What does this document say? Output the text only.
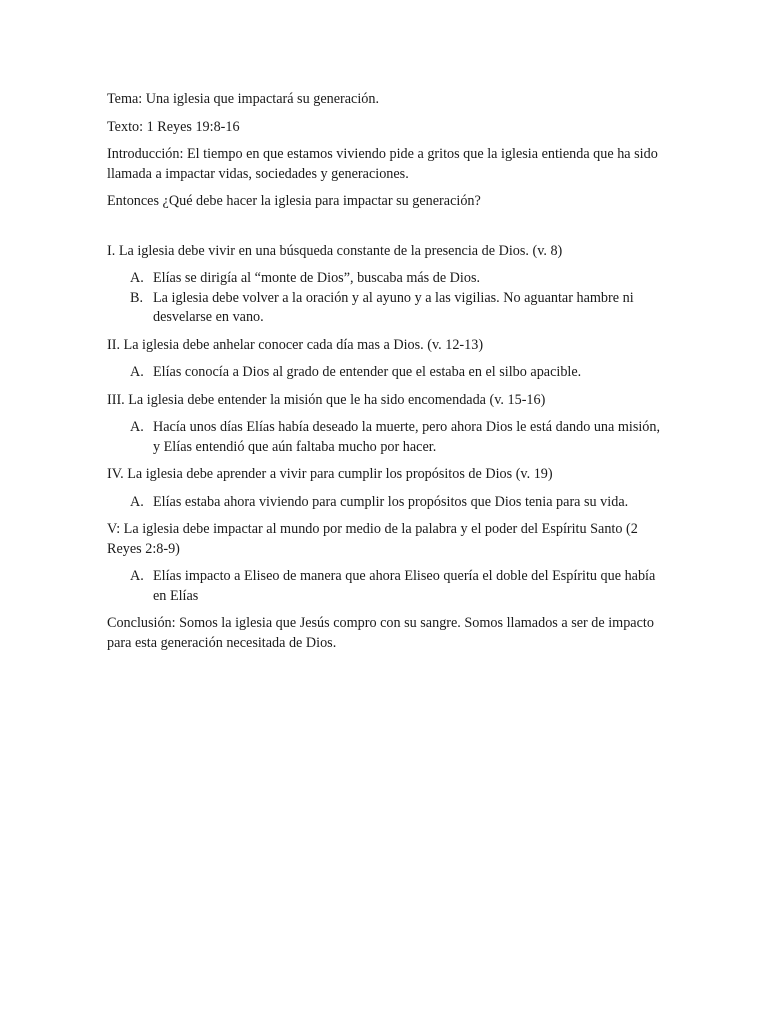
Tema: Una iglesia que impactará su generación.

Texto: 1 Reyes 19:8-16

Introducción: El tiempo en que estamos viviendo pide a gritos que la iglesia entienda que ha sido llamada a impactar vidas, sociedades y generaciones.

Entonces ¿Qué debe hacer la iglesia para impactar su generación?

I. La iglesia debe vivir en una búsqueda constante de la presencia de Dios. (v. 8)

A. Elías se dirigía al “monte de Dios”, buscaba más de Dios.
B. La iglesia debe volver a la oración y al ayuno y a las vigilias. No aguantar hambre ni desvelarse en vano.

II. La iglesia debe anhelar conocer cada día mas a Dios. (v. 12-13)

A. Elías conocía a Dios al grado de entender que el estaba en el silbo apacible.

III. La iglesia debe entender la misión que le ha sido encomendada (v. 15-16)

A. Hacía unos días Elías había deseado la muerte, pero ahora Dios le está dando una misión, y Elías entendió que aún faltaba mucho por hacer.

IV. La iglesia debe aprender a vivir para cumplir los propósitos de Dios (v. 19)

A. Elías estaba ahora viviendo para cumplir los propósitos que Dios tenia para su vida.

V: La iglesia debe impactar al mundo por medio de la palabra y el poder del Espíritu Santo (2 Reyes 2:8-9)

A. Elías impacto a Eliseo de manera que ahora Eliseo quería el doble del Espíritu que había en Elías

Conclusión: Somos la iglesia que Jesús compro con su sangre. Somos llamados a ser de impacto para esta generación necesitada de Dios.
